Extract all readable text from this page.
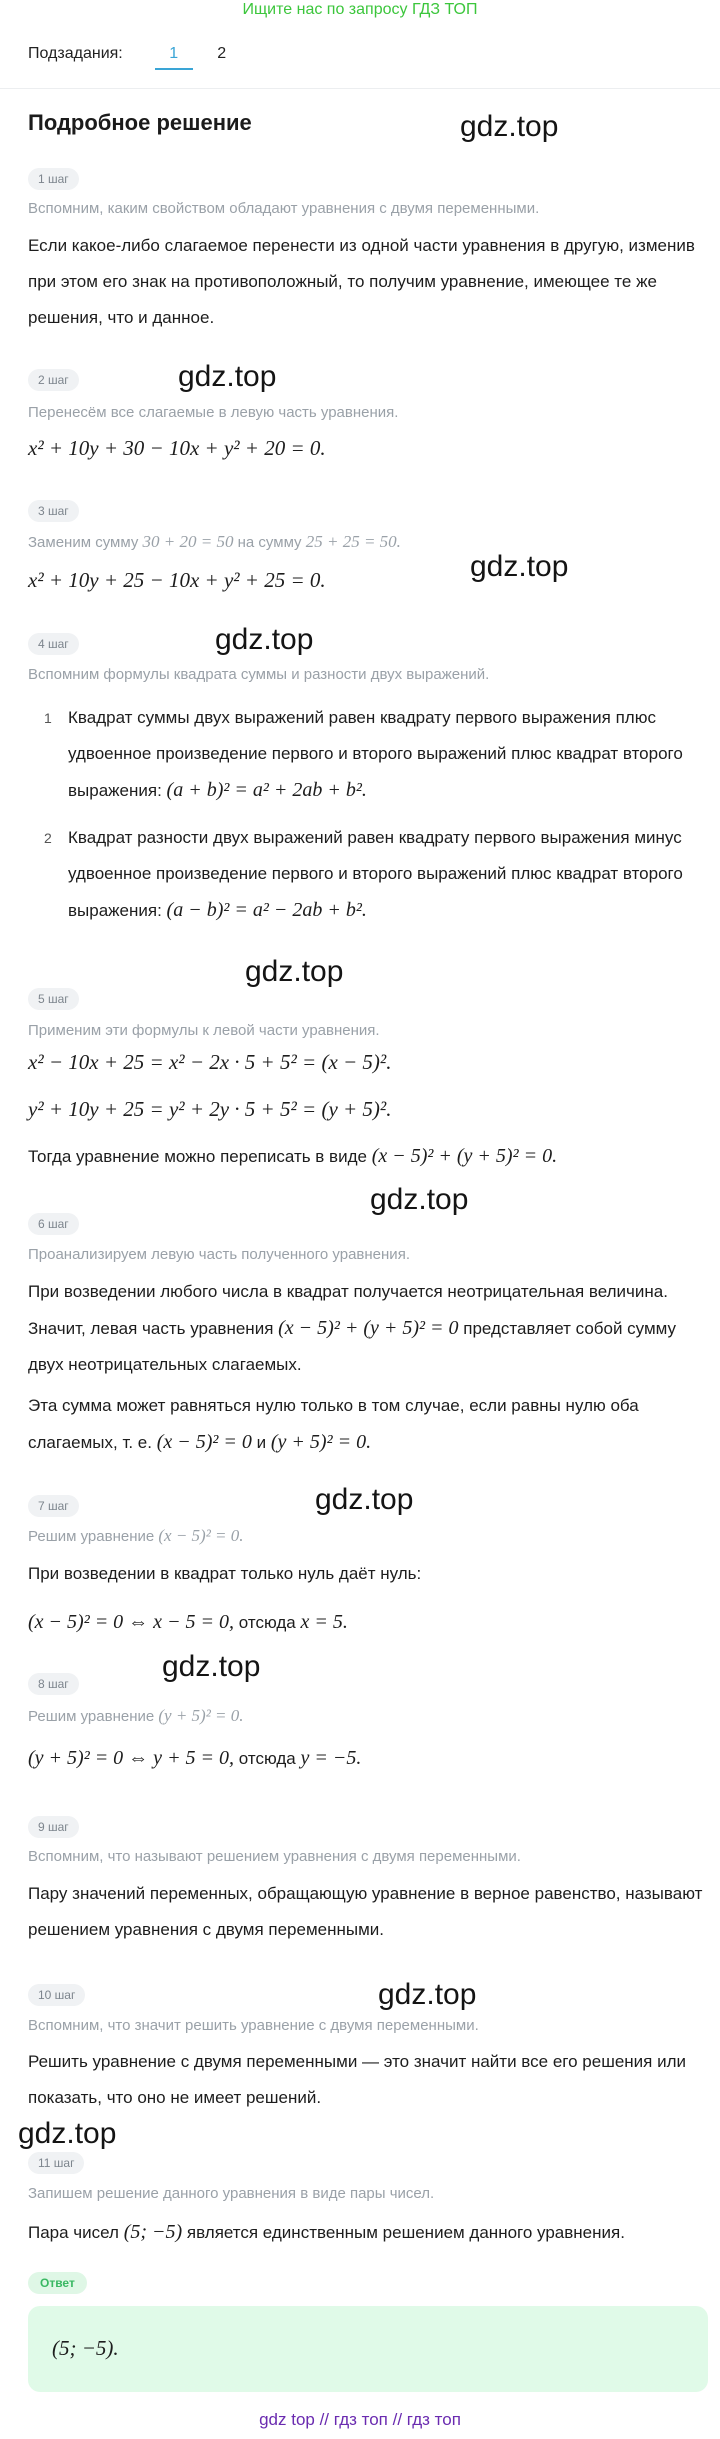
Ищите нас по запросу ГДЗ ТОП
Подзадания:	1	2
Подробное решение	gdz.top
gdz.top
gdz.top
gdz.top
gdz.top
gdz.top
gdz.top
gdz.top
gdz.top
gdz.top
1 шаг
Вспомним, каким свойством обладают уравнения с двумя переменными.
Если какое-либо слагаемое перенести из одной части уравнения в другую, изменив при этом его знак на противоположный, то получим уравнение, имеющее те же решения, что и данное.
2 шаг
Перенесём все слагаемые в левую часть уравнения.
x² + 10y + 30 − 10x + y² + 20 = 0.
3 шаг
Заменим сумму 30 + 20 = 50 на сумму 25 + 25 = 50.
x² + 10y + 25 − 10x + y² + 25 = 0.
4 шаг
Вспомним формулы квадрата суммы и разности двух выражений.
1 Квадрат суммы двух выражений равен квадрату первого выражения плюс удвоенное произведение первого и второго выражений плюс квадрат второго выражения: (a + b)² = a² + 2ab + b².
2 Квадрат разности двух выражений равен квадрату первого выражения минус удвоенное произведение первого и второго выражений плюс квадрат второго выражения: (a − b)² = a² − 2ab + b².
5 шаг
Применим эти формулы к левой части уравнения.
x² − 10x + 25 = x² − 2x · 5 + 5² = (x − 5)².
y² + 10y + 25 = y² + 2y · 5 + 5² = (y + 5)².
Тогда уравнение можно переписать в виде (x − 5)² + (y + 5)² = 0.
6 шаг
Проанализируем левую часть полученного уравнения.
При возведении любого числа в квадрат получается неотрицательная величина. Значит, левая часть уравнения (x − 5)² + (y + 5)² = 0 представляет собой сумму двух неотрицательных слагаемых.
Эта сумма может равняться нулю только в том случае, если равны нулю оба слагаемых, т. е. (x − 5)² = 0 и (y + 5)² = 0.
7 шаг
Решим уравнение (x − 5)² = 0.
При возведении в квадрат только нуль даёт нуль:
(x − 5)² = 0 ⇔ x − 5 = 0, отсюда x = 5.
8 шаг
Решим уравнение (y + 5)² = 0.
(y + 5)² = 0 ⇔ y + 5 = 0, отсюда y = −5.
9 шаг
Вспомним, что называют решением уравнения с двумя переменными.
Пару значений переменных, обращающую уравнение в верное равенство, называют решением уравнения с двумя переменными.
10 шаг
Вспомним, что значит решить уравнение с двумя переменными.
Решить уравнение с двумя переменными — это значит найти все его решения или показать, что оно не имеет решений.
11 шаг
Запишем решение данного уравнения в виде пары чисел.
Пара чисел (5; −5) является единственным решением данного уравнения.
Ответ
(5; −5).
gdz top // гдз топ // гдз топ
